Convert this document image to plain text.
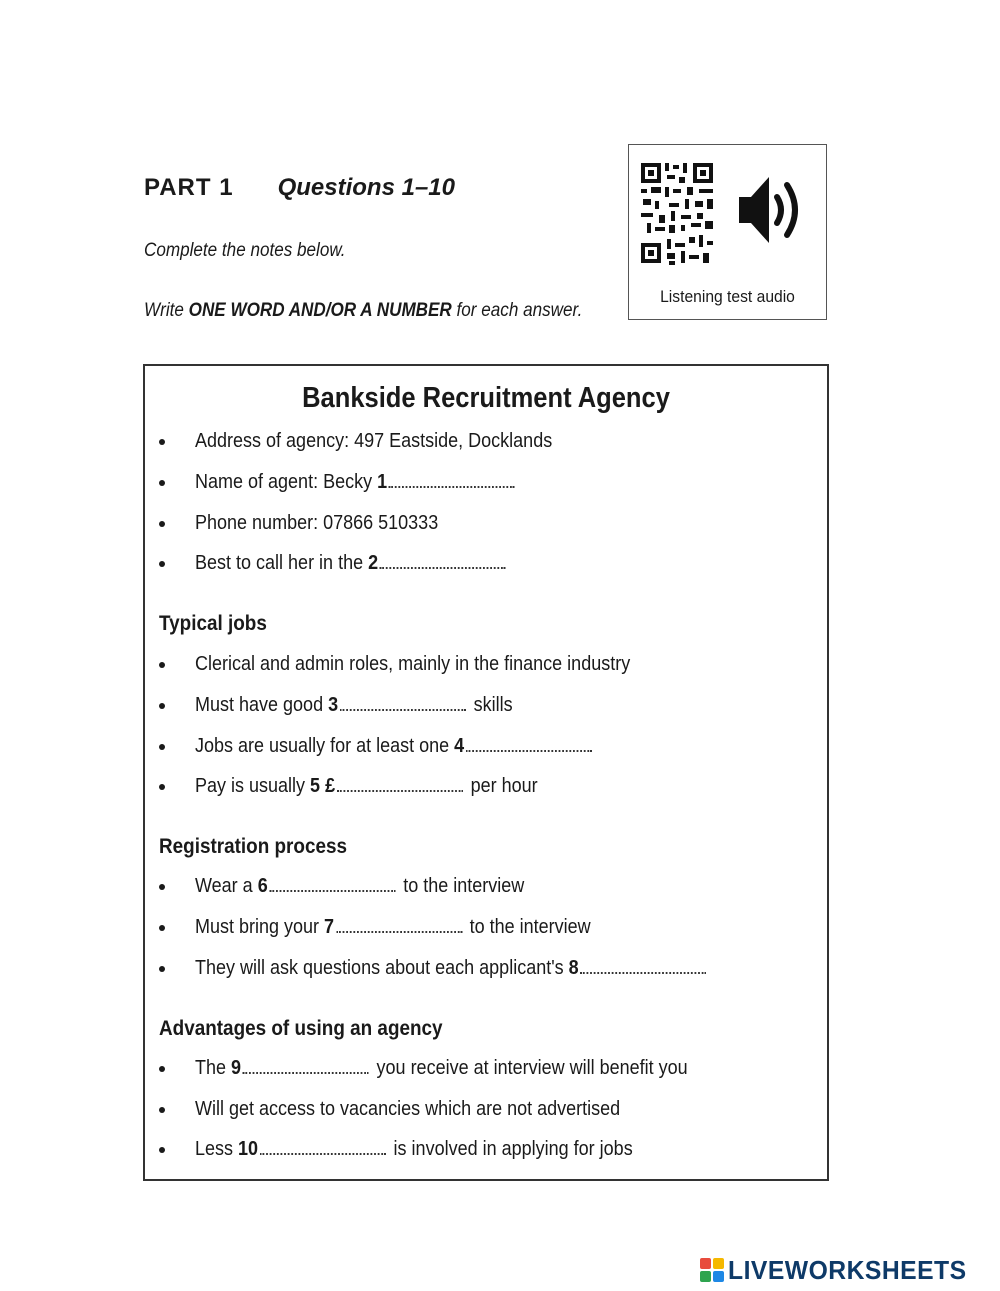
PART 1 Questions 1–10
Complete the notes below.
Write ONE WORD AND/OR A NUMBER for each answer.
Listening test audio
Bankside Recruitment Agency
Address of agency: 497 Eastside, Docklands
Name of agent: Becky 1
Phone number: 07866 510333
Best to call her in the 2
Typical jobs
Clerical and admin roles, mainly in the finance industry
Must have good 3	skills
Jobs are usually for at least one 4
Pay is usually 5 £	per hour
Registration process
Wear a 6	to the interview
Must bring your 7	to the interview
They will ask questions about each applicant's 8
Advantages of using an agency
The 9	you receive at interview will benefit you
Will get access to vacancies which are not advertised
Less 10	is involved in applying for jobs
LIVEWORKSHEETS
